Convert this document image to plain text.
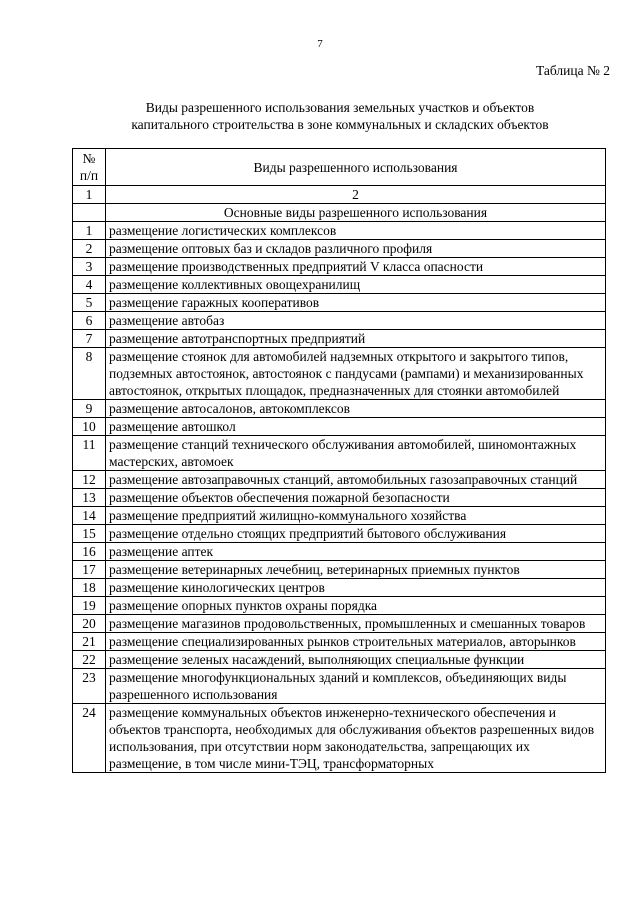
7
Таблица № 2
Виды разрешенного использования земельных участков и объектов
капитального строительства в зоне коммунальных и складских объектов
№ п/п	Виды разрешенного использования
1	2
	Основные виды разрешенного использования
1	размещение логистических комплексов
2	размещение оптовых баз и складов различного профиля
3	размещение производственных предприятий V класса опасности
4	размещение коллективных овощехранилищ
5	размещение гаражных кооперативов
6	размещение автобаз
7	размещение автотранспортных предприятий
8	размещение стоянок для автомобилей надземных открытого и закрытого типов, подземных автостоянок, автостоянок с пандусами (рампами) и механизированных автостоянок, открытых площадок, предназначенных для стоянки автомобилей
9	размещение автосалонов, автокомплексов
10	размещение автошкол
11	размещение станций технического обслуживания автомобилей, шиномонтажных мастерских, автомоек
12	размещение автозаправочных станций, автомобильных газозаправочных станций
13	размещение объектов обеспечения пожарной безопасности
14	размещение предприятий жилищно-коммунального хозяйства
15	размещение отдельно стоящих предприятий бытового обслуживания
16	размещение аптек
17	размещение ветеринарных лечебниц, ветеринарных приемных пунктов
18	размещение кинологических центров
19	размещение опорных пунктов охраны порядка
20	размещение магазинов продовольственных, промышленных и смешанных товаров
21	размещение специализированных рынков строительных материалов, авторынков
22	размещение зеленых насаждений, выполняющих специальные функции
23	размещение многофункциональных зданий и комплексов, объединяющих виды разрешенного использования
24	размещение коммунальных объектов инженерно-технического обеспечения и объектов транспорта, необходимых для обслуживания объектов разрешенных видов использования, при отсутствии норм законодательства, запрещающих их размещение, в том числе мини-ТЭЦ, трансформаторных
